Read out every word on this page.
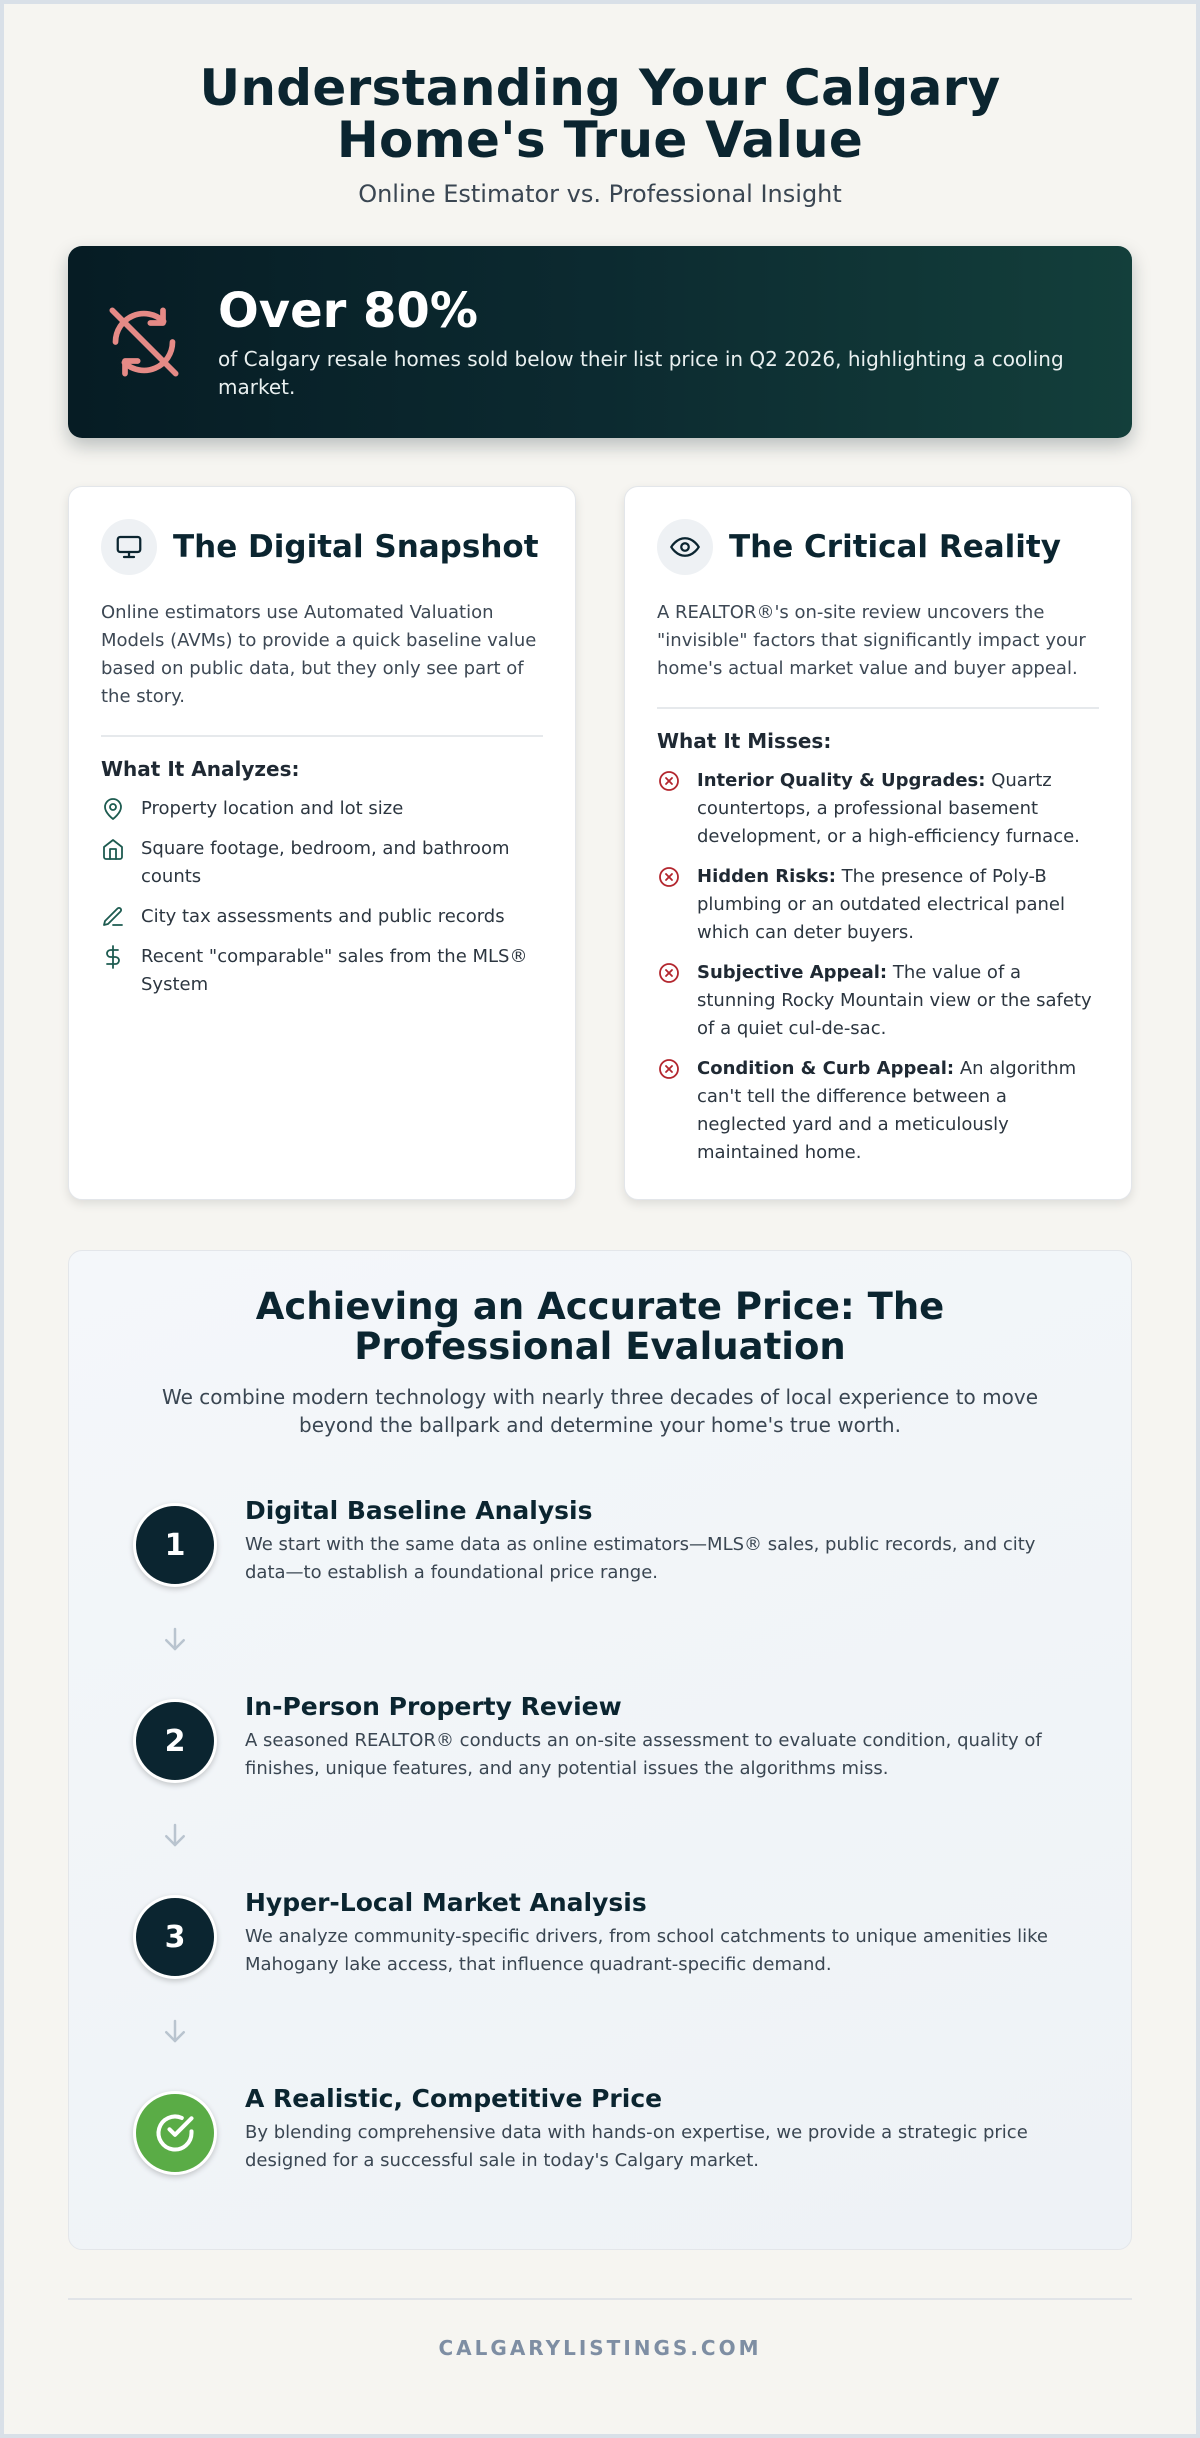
Understanding Your Calgary Home's True Value
Online Estimator vs. Professional Insight
Over 80%
of Calgary resale homes sold below their list price in Q2 2026, highlighting a cooling market.
The Digital Snapshot

Online estimators use Automated Valuation Models (AVMs) to provide a quick baseline value based on public data, but they only see part of the story.

What It Analyzes:
Property location and lot size
Square footage, bedroom, and bathroom counts
City tax assessments and public records
Recent "comparable" sales from the MLS® System
The Critical Reality

A REALTOR®'s on-site review uncovers the "invisible" factors that significantly impact your home's actual market value and buyer appeal.

What It Misses:
Interior Quality & Upgrades: Quartz countertops, a professional basement development, or a high-efficiency furnace.
Hidden Risks: The presence of Poly-B plumbing or an outdated electrical panel which can deter buyers.
Subjective Appeal: The value of a stunning Rocky Mountain view or the safety of a quiet cul-de-sac.
Condition & Curb Appeal: An algorithm can't tell the difference between a neglected yard and a meticulously maintained home.
Achieving an Accurate Price: The Professional Evaluation

We combine modern technology with nearly three decades of local experience to move beyond the ballpark and determine your home's true worth.

1
Digital Baseline Analysis
We start with the same data as online estimators—MLS® sales, public records, and city data—to establish a foundational price range.
2
In-Person Property Review
A seasoned REALTOR® conducts an on-site assessment to evaluate condition, quality of finishes, unique features, and any potential issues the algorithms miss.
3
Hyper-Local Market Analysis
We analyze community-specific drivers, from school catchments to unique amenities like Mahogany lake access, that influence quadrant-specific demand.
A Realistic, Competitive Price
By blending comprehensive data with hands-on expertise, we provide a strategic price designed for a successful sale in today's Calgary market.
CALGARYLISTINGS.COM
